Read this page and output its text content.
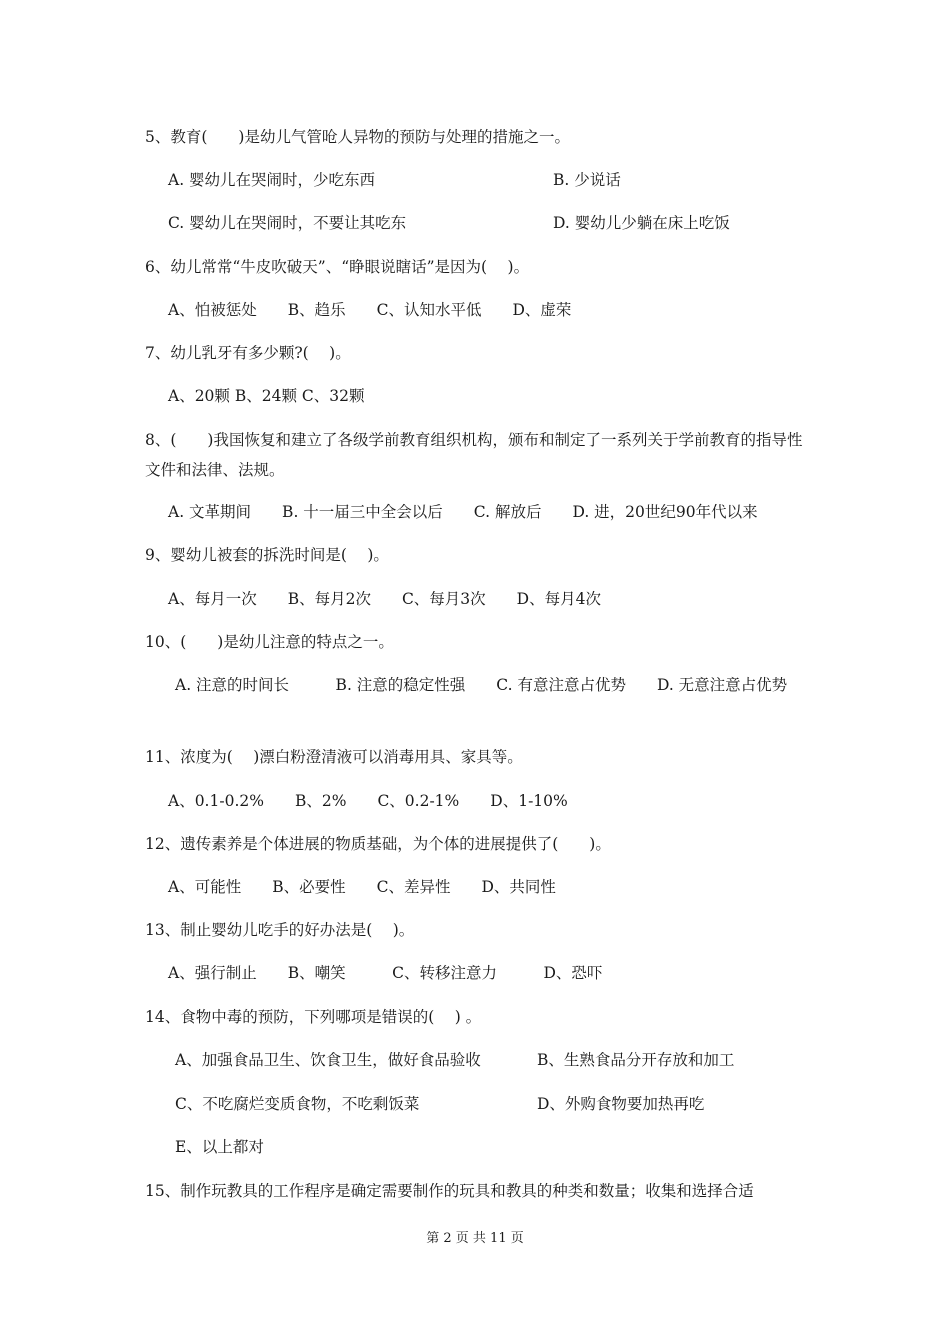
5、教育(　　)是幼儿气管呛人异物的预防与处理的措施之一。
A. 婴幼儿在哭闹时，少吃东西	B. 少说话
C. 婴幼儿在哭闹时，不要让其吃东	D. 婴幼儿少躺在床上吃饭
6、幼儿常常“牛皮吹破天”、“睁眼说瞎话”是因为(　 )。
A、怕被惩处　　B、趋乐　　C、认知水平低　　D、虚荣
7、幼儿乳牙有多少颗?(　 )。
A、20颗 B、24颗 C、32颗
8、(　　)我国恢复和建立了各级学前教育组织机构，颁布和制定了一系列关于学前教育的指导性文件和法律、法规。
A. 文革期间　　B. 十一届三中全会以后　　C. 解放后　　D. 进，20世纪90年代以来
9、婴幼儿被套的拆洗时间是(　 )。
A、每月一次　　B、每月2次　　C、每月3次　　D、每月4次
10、(　　)是幼儿注意的特点之一。
A. 注意的时间长　　　B. 注意的稳定性强　　C. 有意注意占优势　　D. 无意注意占优势
11、浓度为(　 )漂白粉澄清液可以消毒用具、家具等。
A、0.1-0.2%　　B、2%　　C、0.2-1%　　D、1-10%
12、遗传素养是个体进展的物质基础，为个体的进展提供了(　　)。
A、可能性　　B、必要性　　C、差异性　　D、共同性
13、制止婴幼儿吃手的好办法是(　 )。
A、强行制止　　B、嘲笑　　　C、转移注意力　　　D、恐吓
14、食物中毒的预防，下列哪项是错误的(　 ) 。
A、加强食品卫生、饮食卫生，做好食品验收	B、生熟食品分开存放和加工
C、不吃腐烂变质食物，不吃剩饭菜	D、外购食物要加热再吃
E、以上都对
15、制作玩教具的工作程序是确定需要制作的玩具和教具的种类和数量；收集和选择合适
第 2 页 共 11 页
